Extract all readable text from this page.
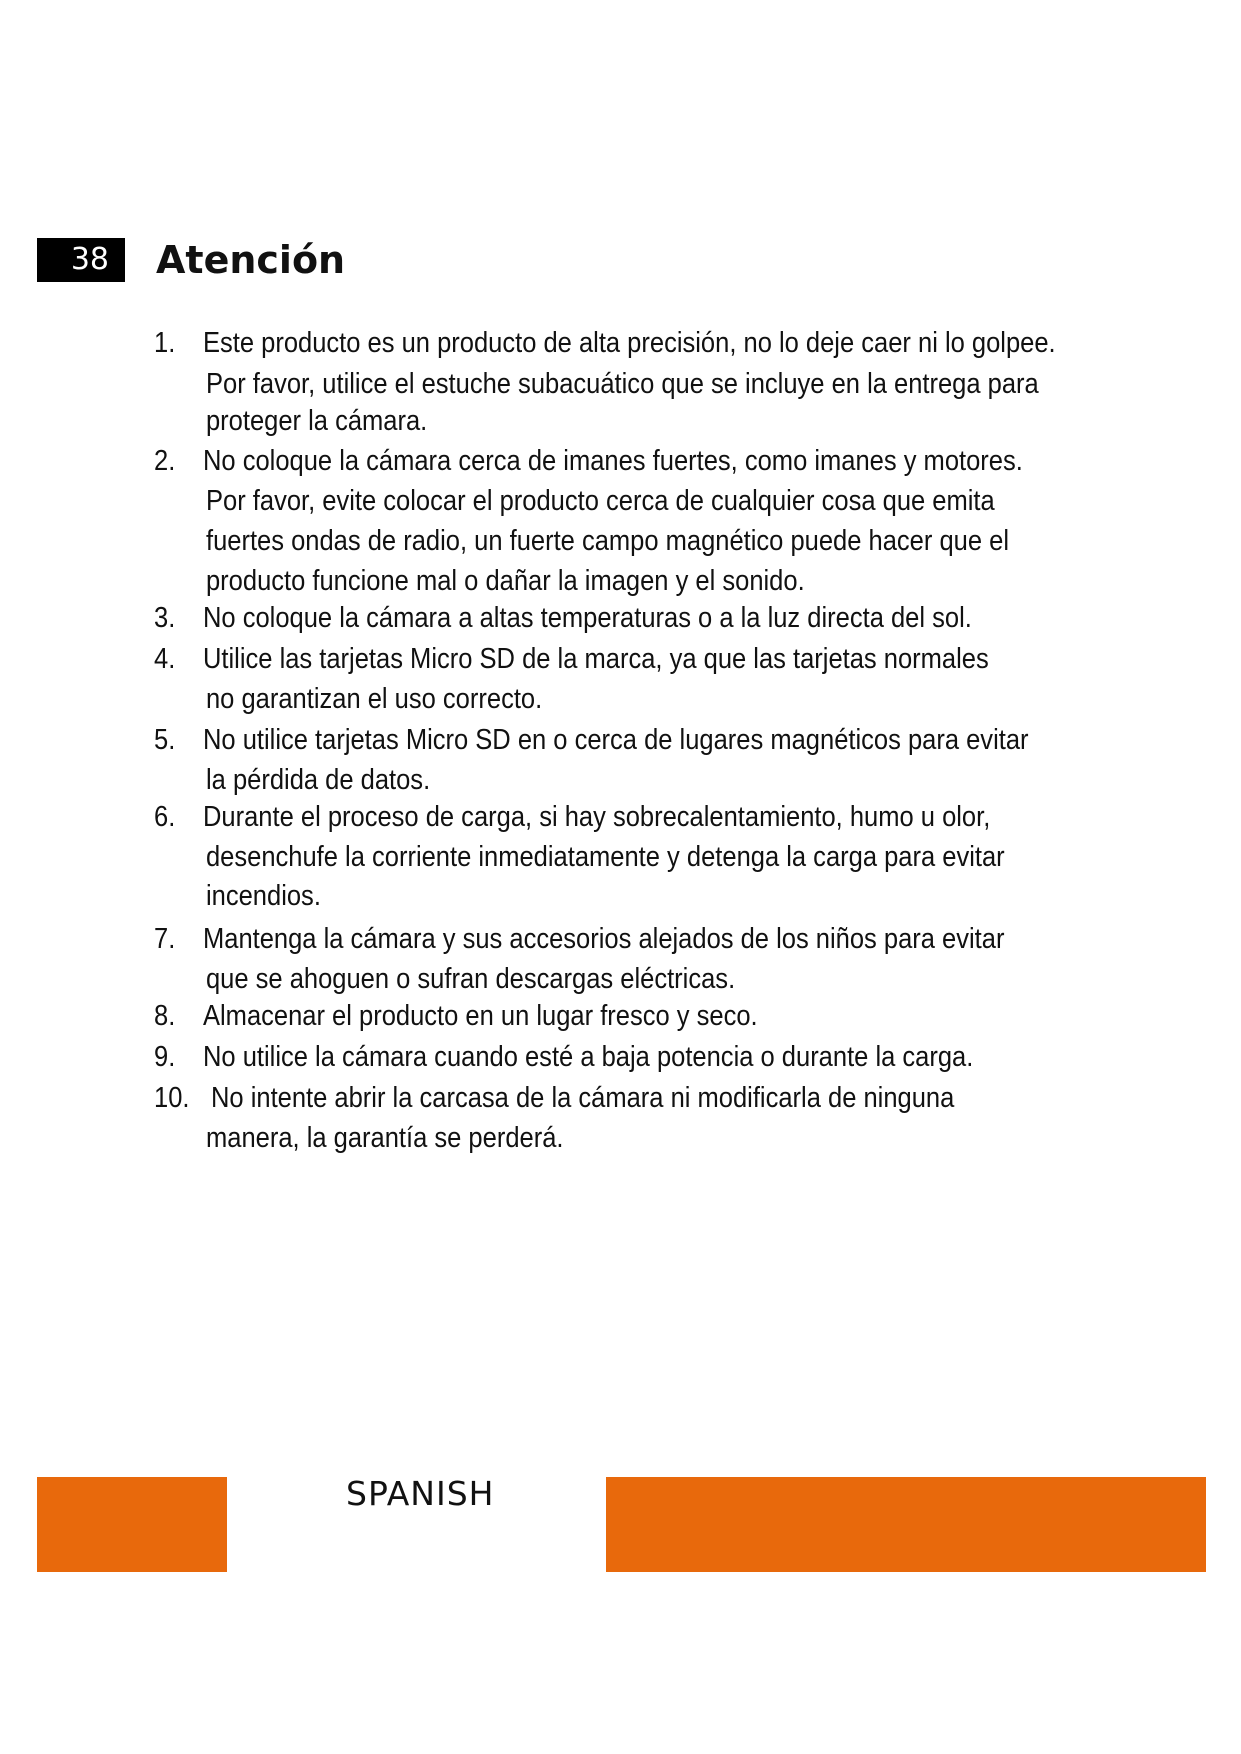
38	Atención
1. Este producto es un producto de alta precisión, no lo deje caer ni lo golpee.
Por favor, utilice el estuche subacuático que se incluye en la entrega para
proteger la cámara.
2. No coloque la cámara cerca de imanes fuertes, como imanes y motores.
Por favor, evite colocar el producto cerca de cualquier cosa que emita
fuertes ondas de radio, un fuerte campo magnético puede hacer que el
producto funcione mal o dañar la imagen y el sonido.
3. No coloque la cámara a altas temperaturas o a la luz directa del sol.
4. Utilice las tarjetas Micro SD de la marca, ya que las tarjetas normales
no garantizan el uso correcto.
5. No utilice tarjetas Micro SD en o cerca de lugares magnéticos para evitar
la pérdida de datos.
6. Durante el proceso de carga, si hay sobrecalentamiento, humo u olor,
desenchufe la corriente inmediatamente y detenga la carga para evitar
incendios.
7. Mantenga la cámara y sus accesorios alejados de los niños para evitar
que se ahoguen o sufran descargas eléctricas.
8. Almacenar el producto en un lugar fresco y seco.
9. No utilice la cámara cuando esté a baja potencia o durante la carga.
10. No intente abrir la carcasa de la cámara ni modificarla de ninguna
manera, la garantía se perderá.
SPANISH
